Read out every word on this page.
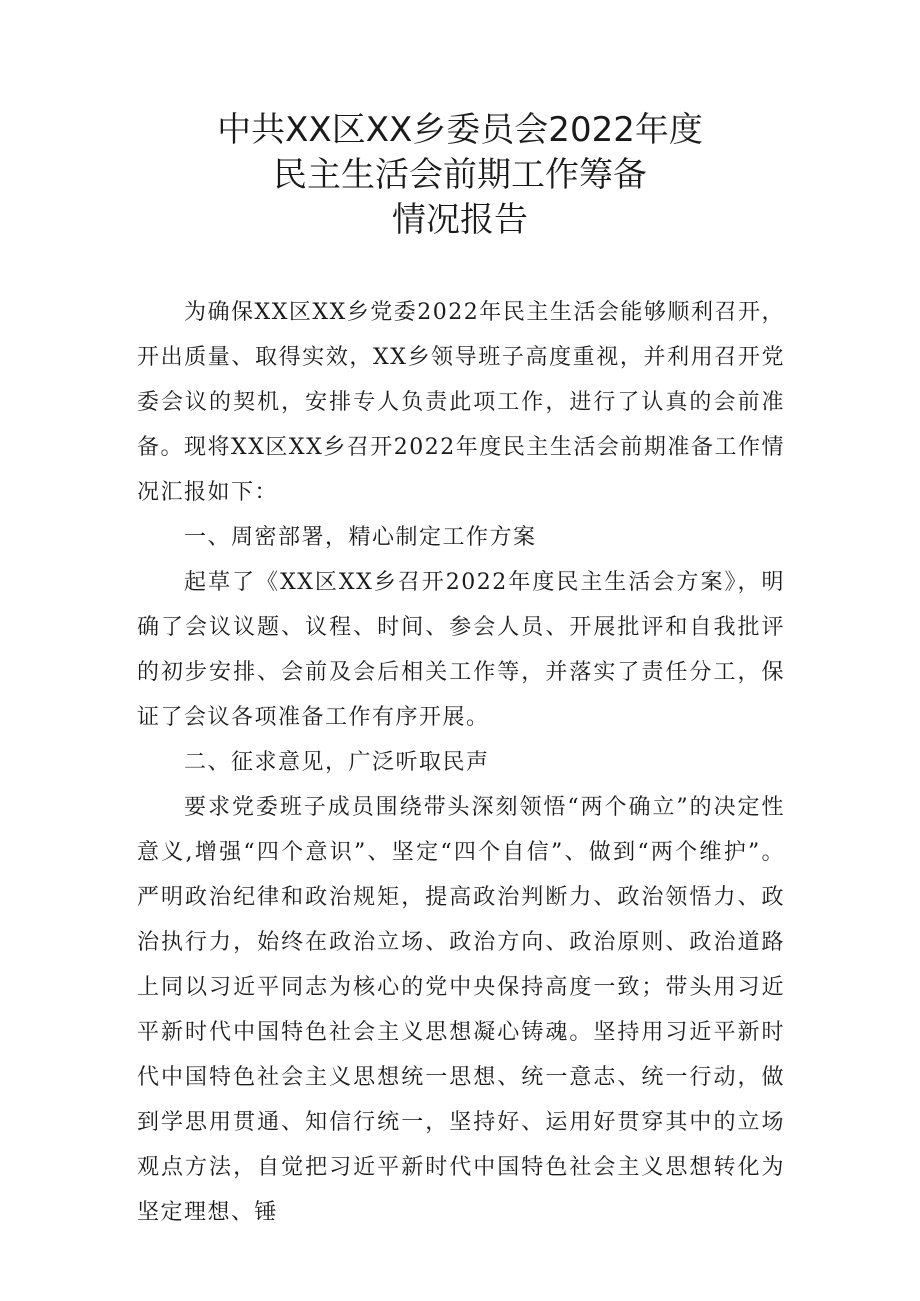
中共XX区XX乡委员会2022年度
民主生活会前期工作筹备
情况报告

为确保XX区XX乡党委2022年民主生活会能够顺利召开，开出质量、取得实效，XX乡领导班子高度重视，并利用召开党委会议的契机，安排专人负责此项工作，进行了认真的会前准备。现将XX区XX乡召开2022年度民主生活会前期准备工作情况汇报如下：

一、周密部署，精心制定工作方案

起草了《XX区XX乡召开2022年度民主生活会方案》，明确了会议议题、议程、时间、参会人员、开展批评和自我批评的初步安排、会前及会后相关工作等，并落实了责任分工，保证了会议各项准备工作有序开展。

二、征求意见，广泛听取民声

要求党委班子成员围绕带头深刻领悟“两个确立”的决定性意义,增强“四个意识”、坚定“四个自信”、做到“两个维护”。严明政治纪律和政治规矩，提高政治判断力、政治领悟力、政治执行力，始终在政治立场、政治方向、政治原则、政治道路上同以习近平同志为核心的党中央保持高度一致；带头用习近平新时代中国特色社会主义思想凝心铸魂。坚持用习近平新时代中国特色社会主义思想统一思想、统一意志、统一行动，做到学思用贯通、知信行统一，坚持好、运用好贯穿其中的立场观点方法，自觉把习近平新时代中国特色社会主义思想转化为坚定理想、锤
